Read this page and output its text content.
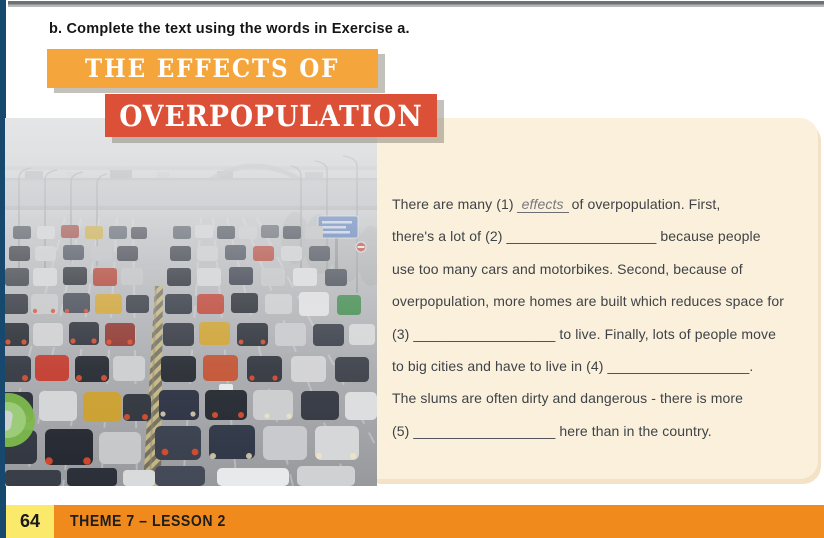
b. Complete the text using the words in Exercise a.
There are many (1) effects of overpopulation. First,
there's a lot of (2) ___________________ because people
use too many cars and motorbikes. Second, because of
overpopulation, more homes are built which reduces space for
(3) __________________ to live. Finally, lots of people move
to big cities and have to live in (4) __________________.
The slums are often dirty and dangerous - there is more
(5) __________________ here than in the country.
THE EFFECTS OF
OVERPOPULATION
64	THEME 7 – LESSON 2
